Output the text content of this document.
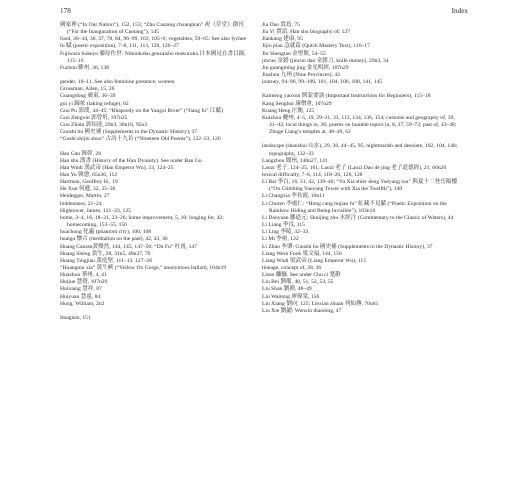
178	Index
國家裡 (“In Our Nation”), 152, 153; “Zhu Caotang chuangkan” 祝《草堂》創刊 (“For the Inauguration of Caotang”), 145
food, 30–34, 36, 37, 78, 84, 96–99, 103, 105–6; vegetables, 59–65. See also lychee
fu 賦 (poetic exposition), 7–8, 111, 113, 120, 126–27
Fujiwara Sukeyo 藤原佐世: Nihonkoku genzaisho mokuroku 日本國見在書目錄, 115–16
Fuzhou 鄜州, 36, 138
gender, 10–11. See also feminine presence; women
Grossman, Allen, 15, 26
Guangdong 廣東, 36–39
gui yi 歸依 (taking refuge), 82
Guo Pu 郭璞, 44–45; “Rhapsody on the Yangzi River” (“Jiang fu” 江賦)
Guo Zengxin 郭曾炘, 107n25
Guo Zhida 郭知達, 29n3, 38n16, 95n3
Guoshi bu 國史補 (Supplements to the Dynastic History), 37
“Gushi shijiu shou” 古詩十九首 (“Nineteen Old Poems”), 122–23, 126
Han Gan 韓幹, 28
Han shu 漢書 (History of the Han Dynasty). See under Ban Gu
Han Wudi 漢武帝 (Han Emperor Wu), 33, 124–25
Han Yu 韓愈, 65n36, 112
Hartman, Geoffrey H., 19
He Xun 何遜, 32, 35–36
Heidegger, Martin, 27
hiddenness, 21–24
Hightower, James, 121–23, 125
home, 3–4, 16, 18–21, 23–26; home improvement, 5, 10; longing for, 42; homecoming, 153–55, 156
huachong 化蟲 (phantom city), 100, 108
huaigu 懷古 (meditation on the past), 42, 43, 46
Huang Canran黃燦然, 144, 145, 147–50; “Du Fu” 杜甫, 147
Huang Sheng 黃生, 28, 31n5, 48n27, 70
Huang Tingjian 黃庭堅, 111–13, 127–28
“Huangniu xia” 黃牛峽 (“Yellow Ox Gorge,” anonymous ballad), 104n19
Huazhou 華州, 4, 41
Huijue 慧覺, 107n29
Huixiang 慧祥, 87
Huiyuan 慧遠, 84
Hung, William, 2n2
Imagism, 151
Jia Dao 賈島, 75
Jia Yi 賈誼, Han shu biography of: 127
Jiankang 建康, 95
Jijiu pian 急就篇 (Quick Mastery Text), 116–17
Jin Shengtan 金聖歎, 54–55
jincuo 金錯 (jincuo dao 金錯刀, knife money), 29n3, 34
Jin guangming jing 金光明經, 107n29
Jiuzhou 九州 (Nine Provinces), 43
journey, 94–96, 99–100, 101, 104, 106, 108, 141, 145
Kaimeng yaoxun 開蒙要訓 (Important Instructions for Beginners), 115–18
Kang Senghui 康僧會, 107n29
Kuang Heng 匡衡, 125
Kuizhou 夔州, 4–5, 19, 29–31, 33, 113, 134, 136, 154; customs and geography of, 39, 41–42; local things in, 36; poems on humble topics in, 8, 37, 59–72; past of, 43–48; Zhuge Liang’s temples at, 48–49, 62
landscape (shanshui 山水), 29, 36, 44–45, 95; nightmarish and desolate, 102, 104, 148; topography, 132–33
Langzhou 閬州, 140n27, 141
Laozi 老子, 124–25, 161; Laozi 老子 (Laozi Dao de jing 老子道德經), 21, 60n20
lexical difficulty, 7–8, 114, 118–20, 126, 128
Li Bai 李白, 16, 31, 42, 139–40; “Yu Xia shier deng Yueyang lou” 與夏十二登岳陽樓 (“On Climbing Yueyang Tower with Xia the Twelfth”), 140
Li Changxia 李長霞, 10n11
Li Churen 李處仁: “Hong cang bujian fu” 虹藏不見賦 (“Poetic Exposition on the Rainbow Hiding and Being Invisible”), 103n16
Li Daoyuan 酈道元: Shuijing zhu 水經注 (Commentary to the Classic of Waters), 44
Li Liang 李良, 115
Li Ling 李陵, 32–33
Li Mi 李密, 122
Li Zhao 李肇: Guoshi bu 國史補 (Supplements to the Dynastic History), 37
Liang Wern Fook 梁文福, 144, 156
Liang Wudi 梁武帝 (Liang Emperor Wu), 115
lineage, concept of, 28, 36
Lisao 離騷. See under Chu ci 楚辭
Liu Bei 劉備, 48, 51, 52, 53, 55
Liu Shan 劉禪, 48–49
Liu Waitong 廖偉棠, 156
Liu Xiang 劉向, 125; Liexian zhuan 列仙傳, 70n61
Liu Xie 劉勰: Wenxin diaolong, 47
